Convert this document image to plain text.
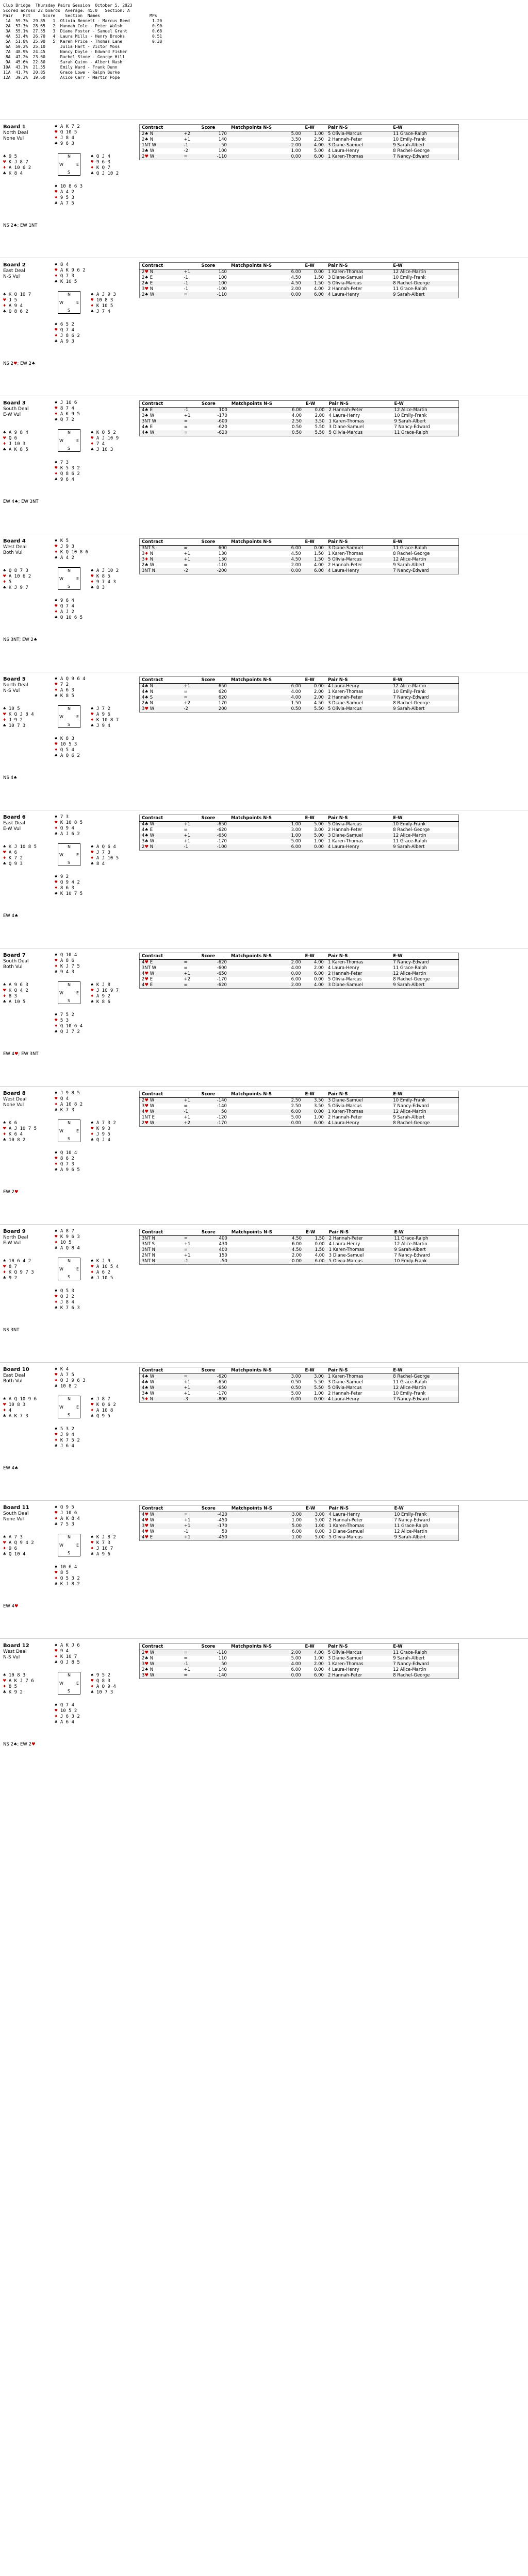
Club Bridge  Thursday Pairs Session  October 5, 2023
Scored across 22 boards  Average: 45.0   Section: A
Pair    Pct     Score    Section  Names                    MPs
1A  59.7%  29.85   1  Olivia Bennett - Marcus Reed         1.20
2A  57.3%  28.65   2  Hannah Cole - Peter Walsh            0.90
3A  55.1%  27.55   3  Diane Foster - Samuel Grant          0.68
4A  53.4%  26.70   4  Laura Mills - Henry Brooks           0.51
5A  51.8%  25.90   5  Karen Price - Thomas Lane            0.38
6A  50.2%  25.10      Julia Hart - Victor Moss
7A  48.9%  24.45      Nancy Doyle - Edward Fisher
8A  47.2%  23.60      Rachel Stone - George Hill
9A  45.6%  22.80      Sarah Quinn - Albert Nash
10A  43.1%  21.55      Emily Ward - Frank Dunn
11A  41.7%  20.85      Grace Lowe - Ralph Burke
12A  39.2%  19.60      Alice Carr - Martin Pope
Board 1
North Deal
None Vul
♠ A K 7 2
♥ Q 10 5
♦ J 8 4
♣ 9 6 3
♠ 9 5
♥ K J 8 7
♦ A 10 6 2
♣ K 8 4
♠ Q J 4
♥ 9 6 3
♦ K Q 7
♣ Q J 10 2
♠ 10 8 6 3
♥ A 4 2
♦ 9 5 3
♣ A 7 5
N
S
W	E
NS 2♠; EW 1NT
Contract		Score	Matchpoints N-S	E-W	Pair N-S	E-W
2♠ N	+2	170	5.00	1.00	5 Olivia-Marcus	11 Grace-Ralph
2♠ N	+1	140	3.50	2.50	2 Hannah-Peter	10 Emily-Frank
1NT W	-1	50	2.00	4.00	3 Diane-Samuel	9 Sarah-Albert
3♣ W	-2	100	1.00	5.00	4 Laura-Henry	8 Rachel-George
2♥ W	=	-110	0.00	6.00	1 Karen-Thomas	7 Nancy-Edward
Board 2
East Deal
N-S Vul
♠ 8 4
♥ A K 9 6 2
♦ Q 7 3
♣ K 10 5
♠ K Q 10 7
♥ J 5
♦ A 9 4
♣ Q 8 6 2
♠ A J 9 3
♥ 10 8 3
♦ K 10 5
♣ J 7 4
♠ 6 5 2
♥ Q 7 4
♦ J 8 6 2
♣ A 9 3
N
S
W	E
NS 2♥; EW 2♠
Contract		Score	Matchpoints N-S	E-W	Pair N-S	E-W
2♥ N	+1	140	6.00	0.00	1 Karen-Thomas	12 Alice-Martin
2♠ E	-1	100	4.50	1.50	3 Diane-Samuel	10 Emily-Frank
2♠ E	-1	100	4.50	1.50	5 Olivia-Marcus	8 Rachel-George
3♥ N	-1	-100	2.00	4.00	2 Hannah-Peter	11 Grace-Ralph
2♠ W	=	-110	0.00	6.00	4 Laura-Henry	9 Sarah-Albert
Board 3
South Deal
E-W Vul
♠ J 10 6
♥ 8 7 4
♦ A K 9 5
♣ Q 7 2
♠ A 9 8 4
♥ Q 6
♦ J 10 3
♣ A K 8 5
♠ K Q 5 2
♥ A J 10 9
♦ 7 4
♣ J 10 3
♠ 7 3
♥ K 5 3 2
♦ Q 8 6 2
♣ 9 6 4
N
S
W	E
EW 4♠; EW 3NT
Contract		Score	Matchpoints N-S	E-W	Pair N-S	E-W
4♠ E	-1	100	6.00	0.00	2 Hannah-Peter	12 Alice-Martin
3♠ W	+1	-170	4.00	2.00	4 Laura-Henry	10 Emily-Frank
3NT W	=	-600	2.50	3.50	1 Karen-Thomas	9 Sarah-Albert
4♠ E	=	-620	0.50	5.50	3 Diane-Samuel	7 Nancy-Edward
4♠ W	=	-620	0.50	5.50	5 Olivia-Marcus	11 Grace-Ralph
Board 4
West Deal
Both Vul
♠ K 5
♥ J 9 3
♦ K Q 10 8 6
♣ A 4 2
♠ Q 8 7 3
♥ A 10 6 2
♦ 5
♣ K J 9 7
♠ A J 10 2
♥ K 8 5
♦ 9 7 4 3
♣ 8 3
♠ 9 6 4
♥ Q 7 4
♦ A J 2
♣ Q 10 6 5
N
S
W	E
NS 3NT; EW 2♠
Contract		Score	Matchpoints N-S	E-W	Pair N-S	E-W
3NT S	=	600	6.00	0.00	3 Diane-Samuel	11 Grace-Ralph
3♦ N	+1	130	4.50	1.50	1 Karen-Thomas	8 Rachel-George
3♦ N	+1	130	4.50	1.50	5 Olivia-Marcus	12 Alice-Martin
2♠ W	=	-110	2.00	4.00	2 Hannah-Peter	9 Sarah-Albert
3NT N	-2	-200	0.00	6.00	4 Laura-Henry	7 Nancy-Edward
Board 5
North Deal
N-S Vul
♠ A Q 9 6 4
♥ 7 2
♦ A 6 3
♣ K 8 5
♠ 10 5
♥ K Q J 8 4
♦ J 9 2
♣ 10 7 3
♠ J 7 2
♥ A 9 6
♦ K 10 8 7
♣ J 9 4
♠ K 8 3
♥ 10 5 3
♦ Q 5 4
♣ A Q 6 2
N
S
W	E
NS 4♠
Contract		Score	Matchpoints N-S	E-W	Pair N-S	E-W
4♠ N	+1	650	6.00	0.00	4 Laura-Henry	12 Alice-Martin
4♠ N	=	620	4.00	2.00	1 Karen-Thomas	10 Emily-Frank
4♠ S	=	620	4.00	2.00	2 Hannah-Peter	7 Nancy-Edward
2♠ N	+2	170	1.50	4.50	3 Diane-Samuel	8 Rachel-George
3♥ W	-2	200	0.50	5.50	5 Olivia-Marcus	9 Sarah-Albert
Board 6
East Deal
E-W Vul
♠ 7 3
♥ K 10 8 5
♦ Q 9 4
♣ A J 6 2
♠ K J 10 8 5
♥ A 6
♦ K 7 2
♣ Q 9 3
♠ A Q 6 4
♥ J 7 3
♦ A J 10 5
♣ 8 4
♠ 9 2
♥ Q 9 4 2
♦ 8 6 3
♣ K 10 7 5
N
S
W	E
EW 4♠
Contract		Score	Matchpoints N-S	E-W	Pair N-S	E-W
4♠ W	+1	-650	1.00	5.00	5 Olivia-Marcus	10 Emily-Frank
4♠ E	=	-620	3.00	3.00	2 Hannah-Peter	8 Rachel-George
4♠ W	+1	-650	1.00	5.00	3 Diane-Samuel	12 Alice-Martin
3♠ W	+1	-170	5.00	1.00	1 Karen-Thomas	11 Grace-Ralph
2♥ N	-1	-100	6.00	0.00	4 Laura-Henry	9 Sarah-Albert
Board 7
South Deal
Both Vul
♠ Q 10 4
♥ A 8 6
♦ K J 7 5
♣ 9 4 3
♠ A 9 6 3
♥ K Q 4 2
♦ 8 3
♣ A 10 5
♠ K J 8
♥ J 10 9 7
♦ A 9 2
♣ K 8 6
♠ 7 5 2
♥ 5 3
♦ Q 10 6 4
♣ Q J 7 2
N
S
W	E
EW 4♥; EW 3NT
Contract		Score	Matchpoints N-S	E-W	Pair N-S	E-W
4♥ E	=	-620	2.00	4.00	1 Karen-Thomas	7 Nancy-Edward
3NT W	=	-600	4.00	2.00	4 Laura-Henry	11 Grace-Ralph
4♥ W	+1	-650	0.00	6.00	2 Hannah-Peter	12 Alice-Martin
2♥ E	+2	-170	6.00	0.00	5 Olivia-Marcus	8 Rachel-George
4♥ E	=	-620	2.00	4.00	3 Diane-Samuel	9 Sarah-Albert
Board 8
West Deal
None Vul
♠ J 9 8 5
♥ Q 4
♦ A 10 8 2
♣ K 7 3
♠ K 6
♥ A J 10 7 5
♦ K 6 4
♣ 10 8 2
♠ A 7 3 2
♥ K 9 3
♦ J 9 5
♣ Q J 4
♠ Q 10 4
♥ 8 6 2
♦ Q 7 3
♣ A 9 6 5
N
S
W	E
EW 2♥
Contract		Score	Matchpoints N-S	E-W	Pair N-S	E-W
2♥ W	+1	-140	2.50	3.50	3 Diane-Samuel	10 Emily-Frank
3♥ W	=	-140	2.50	3.50	5 Olivia-Marcus	7 Nancy-Edward
4♥ W	-1	50	6.00	0.00	1 Karen-Thomas	12 Alice-Martin
1NT E	+1	-120	5.00	1.00	2 Hannah-Peter	9 Sarah-Albert
2♥ W	+2	-170	0.00	6.00	4 Laura-Henry	8 Rachel-George
Board 9
North Deal
E-W Vul
♠ A 8 7
♥ K 9 6 3
♦ 10 5
♣ A Q 8 4
♠ 10 6 4 2
♥ 8 7
♦ K Q 9 7 3
♣ 9 2
♠ K J 9
♥ A 10 5 4
♦ A 6 2
♣ J 10 5
♠ Q 5 3
♥ Q J 2
♦ J 8 4
♣ K 7 6 3
N
S
W	E
NS 3NT
Contract		Score	Matchpoints N-S	E-W	Pair N-S	E-W
3NT N	=	400	4.50	1.50	2 Hannah-Peter	11 Grace-Ralph
3NT S	+1	430	6.00	0.00	4 Laura-Henry	12 Alice-Martin
3NT N	=	400	4.50	1.50	1 Karen-Thomas	9 Sarah-Albert
2NT N	+1	150	2.00	4.00	3 Diane-Samuel	7 Nancy-Edward
3NT N	-1	-50	0.00	6.00	5 Olivia-Marcus	10 Emily-Frank
Board 10
East Deal
Both Vul
♠ K 4
♥ A 7 5
♦ Q J 9 6 3
♣ 10 8 2
♠ A Q 10 9 6
♥ 10 8 3
♦ 4
♣ A K 7 3
♠ J 8 7
♥ K Q 6 2
♦ A 10 8
♣ Q 9 5
♠ 5 3 2
♥ J 9 4
♦ K 7 5 2
♣ J 6 4
N
S
W	E
EW 4♠
Contract		Score	Matchpoints N-S	E-W	Pair N-S	E-W
4♠ W	=	-620	3.00	3.00	1 Karen-Thomas	8 Rachel-George
4♠ W	+1	-650	0.50	5.50	3 Diane-Samuel	11 Grace-Ralph
4♠ W	+1	-650	0.50	5.50	5 Olivia-Marcus	12 Alice-Martin
3♠ W	+1	-170	5.00	1.00	2 Hannah-Peter	10 Emily-Frank
5♦ N	-3	-800	6.00	0.00	4 Laura-Henry	7 Nancy-Edward
Board 11
South Deal
None Vul
♠ Q 9 5
♥ J 10 6
♦ A K 8 4
♣ 7 5 3
♠ A 7 3
♥ A Q 9 4 2
♦ 9 6
♣ Q 10 4
♠ K J 8 2
♥ K 7 3
♦ J 10 7
♣ A 9 6
♠ 10 6 4
♥ 8 5
♦ Q 5 3 2
♣ K J 8 2
N
S
W	E
EW 4♥
Contract		Score	Matchpoints N-S	E-W	Pair N-S	E-W
4♥ W	=	-420	3.00	3.00	4 Laura-Henry	10 Emily-Frank
4♥ W	+1	-450	1.00	5.00	2 Hannah-Peter	7 Nancy-Edward
3♥ W	+1	-170	5.00	1.00	1 Karen-Thomas	11 Grace-Ralph
4♥ W	-1	50	6.00	0.00	3 Diane-Samuel	12 Alice-Martin
4♥ E	+1	-450	1.00	5.00	5 Olivia-Marcus	9 Sarah-Albert
Board 12
West Deal
N-S Vul
♠ A K J 6
♥ 9 4
♦ K 10 7
♣ Q J 8 5
♠ 10 8 3
♥ A K J 7 6
♦ 8 5
♣ K 9 2
♠ 9 5 2
♥ Q 8 3
♦ A Q 9 4
♣ 10 7 3
♠ Q 7 4
♥ 10 5 2
♦ J 6 3 2
♣ A 6 4
N
S
W	E
NS 2♠; EW 2♥
Contract		Score	Matchpoints N-S	E-W	Pair N-S	E-W
2♥ W	=	-110	2.00	4.00	5 Olivia-Marcus	11 Grace-Ralph
2♠ N	=	110	5.00	1.00	3 Diane-Samuel	9 Sarah-Albert
3♥ W	-1	50	4.00	2.00	1 Karen-Thomas	7 Nancy-Edward
2♠ N	+1	140	6.00	0.00	4 Laura-Henry	12 Alice-Martin
3♥ W	=	-140	0.00	6.00	2 Hannah-Peter	8 Rachel-George
